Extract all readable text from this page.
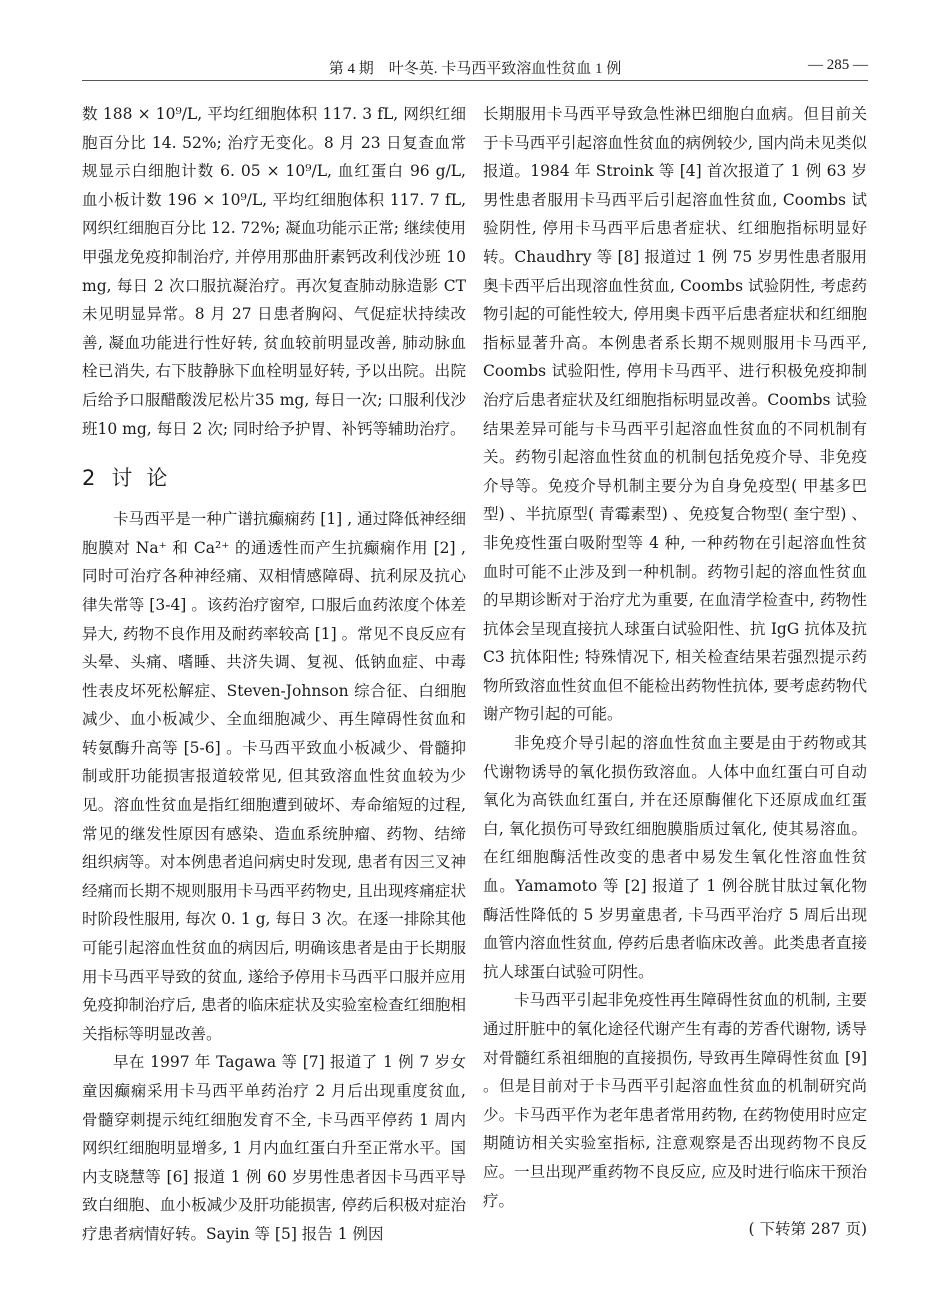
第 4 期　叶冬英. 卡马西平致溶血性贫血 1 例	— 285 —

数 188 × 10⁹/L, 平均红细胞体积 117. 3 fL, 网织红细胞百分比 14. 52%; 治疗无变化。8 月 23 日复查血常规显示白细胞计数 6. 05 × 10⁹/L, 血红蛋白 96 g/L, 血小板计数 196 × 10⁹/L, 平均红细胞体积 117. 7 fL, 网织红细胞百分比 12. 72%; 凝血功能示正常; 继续使用甲强龙免疫抑制治疗, 并停用那曲肝素钙改利伐沙班 10 mg, 每日 2 次口服抗凝治疗。再次复查肺动脉造影 CT 未见明显异常。8 月 27 日患者胸闷、气促症状持续改善, 凝血功能进行性好转, 贫血较前明显改善, 肺动脉血栓已消失, 右下肢静脉下血栓明显好转, 予以出院。出院后给予口服醋酸泼尼松片35 mg, 每日一次; 口服利伐沙班10 mg, 每日 2 次; 同时给予护胃、补钙等辅助治疗。

2 讨论

卡马西平是一种广谱抗癫痫药 [1] , 通过降低神经细胞膜对 Na⁺ 和 Ca²⁺ 的通透性而产生抗癫痫作用 [2] , 同时可治疗各种神经痛、双相情感障碍、抗利尿及抗心律失常等 [3-4] 。该药治疗窗窄, 口服后血药浓度个体差异大, 药物不良作用及耐药率较高 [1] 。常见不良反应有头晕、头痛、嗜睡、共济失调、复视、低钠血症、中毒性表皮坏死松解症、Steven-Johnson 综合征、白细胞减少、血小板减少、全血细胞减少、再生障碍性贫血和转氨酶升高等 [5-6] 。卡马西平致血小板减少、骨髓抑制或肝功能损害报道较常见, 但其致溶血性贫血较为少见。溶血性贫血是指红细胞遭到破坏、寿命缩短的过程, 常见的继发性原因有感染、造血系统肿瘤、药物、结缔组织病等。对本例患者追问病史时发现, 患者有因三叉神经痛而长期不规则服用卡马西平药物史, 且出现疼痛症状时阶段性服用, 每次 0. 1 g, 每日 3 次。在逐一排除其他可能引起溶血性贫血的病因后, 明确该患者是由于长期服用卡马西平导致的贫血, 遂给予停用卡马西平口服并应用免疫抑制治疗后, 患者的临床症状及实验室检查红细胞相关指标等明显改善。

早在 1997 年 Tagawa 等 [7] 报道了 1 例 7 岁女童因癫痫采用卡马西平单药治疗 2 月后出现重度贫血, 骨髓穿刺提示纯红细胞发育不全, 卡马西平停药 1 周内网织红细胞明显增多, 1 月内血红蛋白升至正常水平。国内支晓慧等 [6] 报道 1 例 60 岁男性患者因卡马西平导致白细胞、血小板减少及肝功能损害, 停药后积极对症治疗患者病情好转。Sayin 等 [5] 报告 1 例因

长期服用卡马西平导致急性淋巴细胞白血病。但目前关于卡马西平引起溶血性贫血的病例较少, 国内尚未见类似报道。1984 年 Stroink 等 [4] 首次报道了 1 例 63 岁男性患者服用卡马西平后引起溶血性贫血, Coombs 试验阴性, 停用卡马西平后患者症状、红细胞指标明显好转。Chaudhry 等 [8] 报道过 1 例 75 岁男性患者服用奥卡西平后出现溶血性贫血, Coombs 试验阴性, 考虑药物引起的可能性较大, 停用奥卡西平后患者症状和红细胞指标显著升高。本例患者系长期不规则服用卡马西平, Coombs 试验阳性, 停用卡马西平、进行积极免疫抑制治疗后患者症状及红细胞指标明显改善。Coombs 试验结果差异可能与卡马西平引起溶血性贫血的不同机制有关。药物引起溶血性贫血的机制包括免疫介导、非免疫介导等。免疫介导机制主要分为自身免疫型( 甲基多巴型) 、半抗原型( 青霉素型) 、免疫复合物型( 奎宁型) 、非免疫性蛋白吸附型等 4 种, 一种药物在引起溶血性贫血时可能不止涉及到一种机制。药物引起的溶血性贫血的早期诊断对于治疗尤为重要, 在血清学检查中, 药物性抗体会呈现直接抗人球蛋白试验阳性、抗 IgG 抗体及抗 C3 抗体阳性; 特殊情况下, 相关检查结果若强烈提示药物所致溶血性贫血但不能检出药物性抗体, 要考虑药物代谢产物引起的可能。

非免疫介导引起的溶血性贫血主要是由于药物或其代谢物诱导的氧化损伤致溶血。人体中血红蛋白可自动氧化为高铁血红蛋白, 并在还原酶催化下还原成血红蛋白, 氧化损伤可导致红细胞膜脂质过氧化, 使其易溶血。在红细胞酶活性改变的患者中易发生氧化性溶血性贫血。Yamamoto 等 [2] 报道了 1 例谷胱甘肽过氧化物酶活性降低的 5 岁男童患者, 卡马西平治疗 5 周后出现血管内溶血性贫血, 停药后患者临床改善。此类患者直接抗人球蛋白试验可阴性。

卡马西平引起非免疫性再生障碍性贫血的机制, 主要通过肝脏中的氧化途径代谢产生有毒的芳香代谢物, 诱导对骨髓红系祖细胞的直接损伤, 导致再生障碍性贫血 [9] 。但是目前对于卡马西平引起溶血性贫血的机制研究尚少。卡马西平作为老年患者常用药物, 在药物使用时应定期随访相关实验室指标, 注意观察是否出现药物不良反应。一旦出现严重药物不良反应, 应及时进行临床干预治疗。

( 下转第 287 页)
